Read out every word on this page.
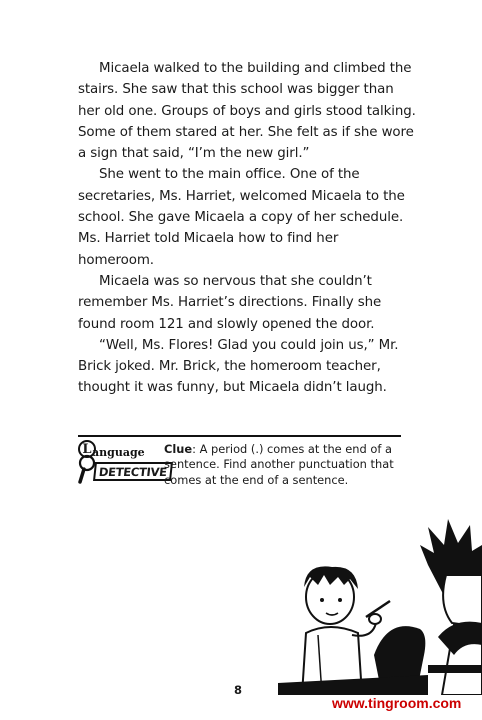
Micaela walked to the building and climbed the stairs. She saw that this school was bigger than her old one. Groups of boys and girls stood talking. Some of them stared at her. She felt as if she wore a sign that said, “I’m the new girl.”

She went to the main office. One of the secretaries, Ms. Harriet, welcomed Micaela to the school. She gave Micaela a copy of her schedule. Ms. Harriet told Micaela how to find her homeroom.

Micaela was so nervous that she couldn’t remember Ms. Harriet’s directions. Finally she found room 121 and slowly opened the door.

“Well, Ms. Flores! Glad you could join us,” Mr. Brick joked. Mr. Brick, the homeroom teacher, thought it was funny, but Micaela didn’t laugh.

L anguage
DETECTIVE
Clue: A period (.) comes at the end of a sentence. Find another punctuation that comes at the end of a sentence.
8
www.tingroom.com
